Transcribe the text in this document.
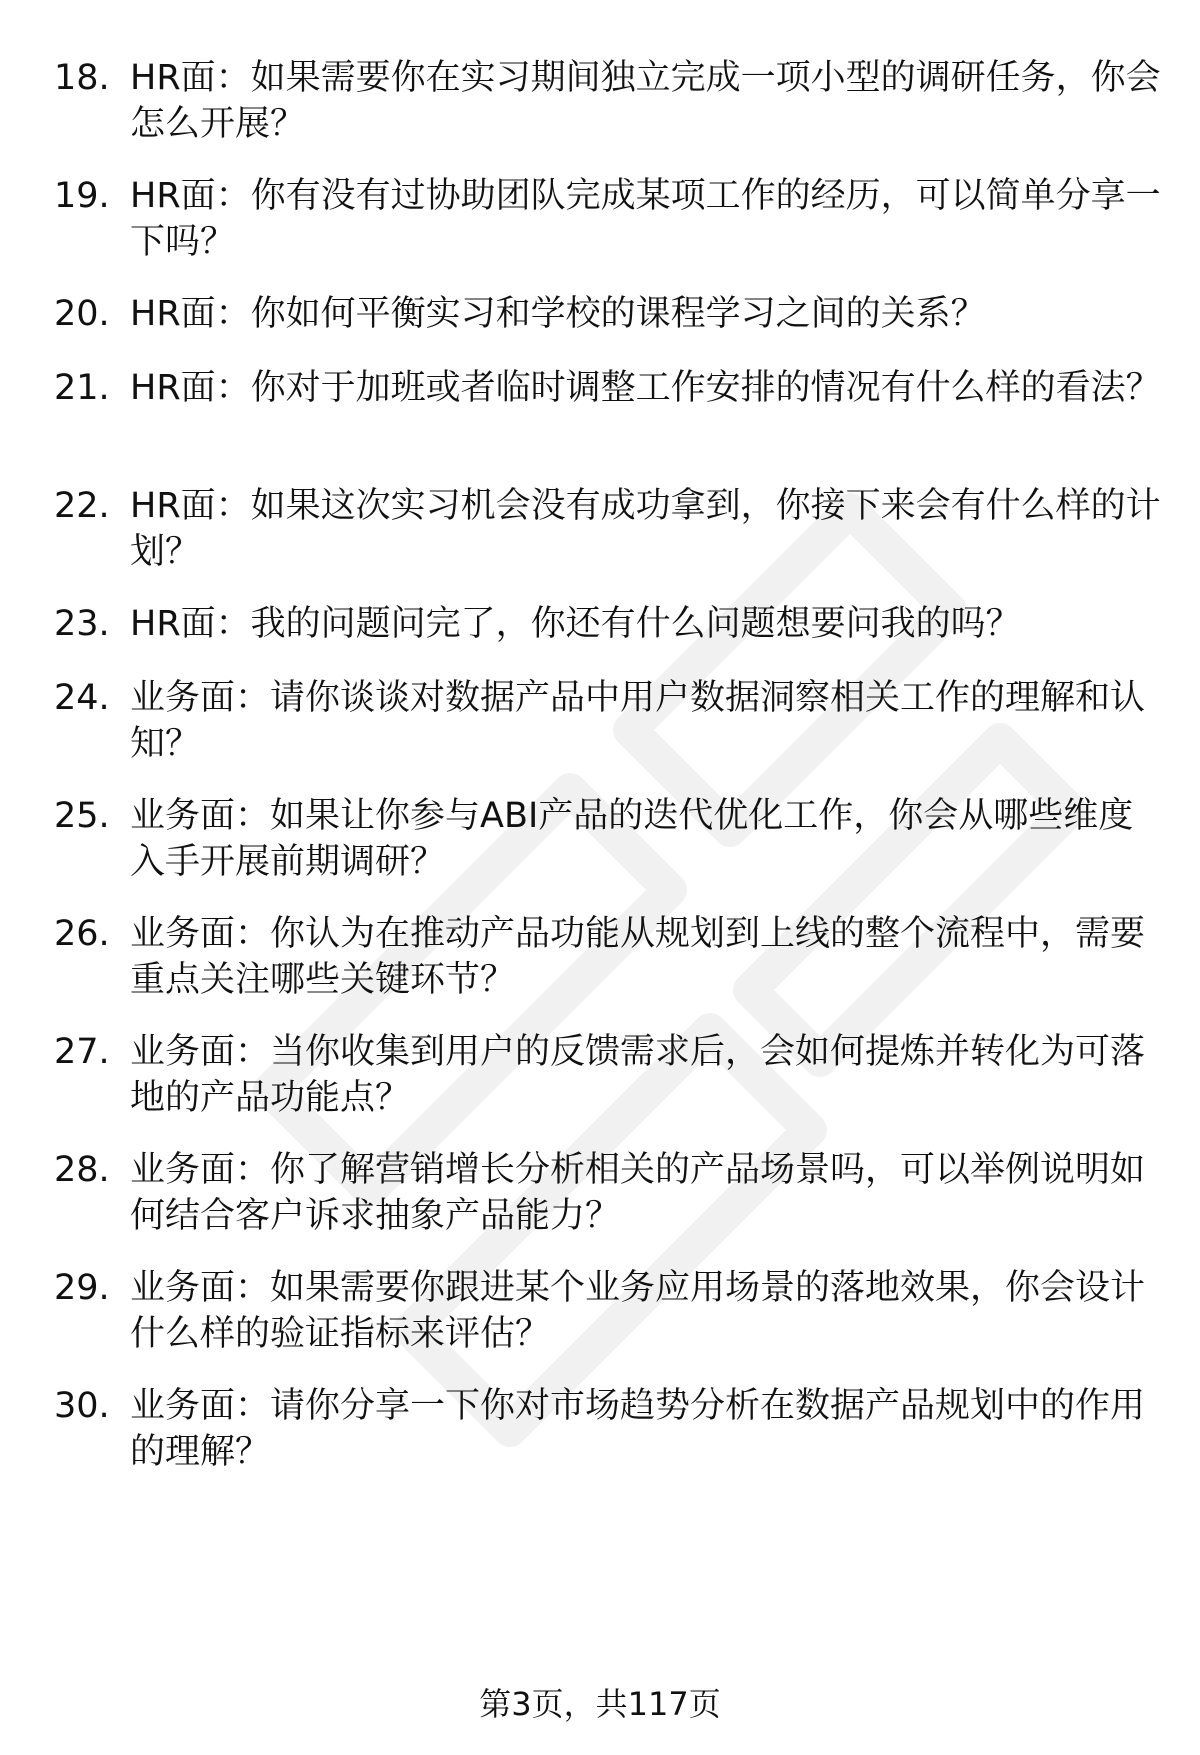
18. HR面：如果需要你在实习期间独立完成一项小型的调研任务，你会怎么开展？
19. HR面：你有没有过协助团队完成某项工作的经历，可以简单分享一下吗？
20. HR面：你如何平衡实习和学校的课程学习之间的关系？
21. HR面：你对于加班或者临时调整工作安排的情况有什么样的看法？
22. HR面：如果这次实习机会没有成功拿到，你接下来会有什么样的计划？
23. HR面：我的问题问完了，你还有什么问题想要问我的吗？
24. 业务面：请你谈谈对数据产品中用户数据洞察相关工作的理解和认知？
25. 业务面：如果让你参与ABI产品的迭代优化工作，你会从哪些维度入手开展前期调研？
26. 业务面：你认为在推动产品功能从规划到上线的整个流程中，需要重点关注哪些关键环节？
27. 业务面：当你收集到用户的反馈需求后，会如何提炼并转化为可落地的产品功能点？
28. 业务面：你了解营销增长分析相关的产品场景吗，可以举例说明如何结合客户诉求抽象产品能力？
29. 业务面：如果需要你跟进某个业务应用场景的落地效果，你会设计什么样的验证指标来评估？
30. 业务面：请你分享一下你对市场趋势分析在数据产品规划中的作用的理解？
第3页，共117页
